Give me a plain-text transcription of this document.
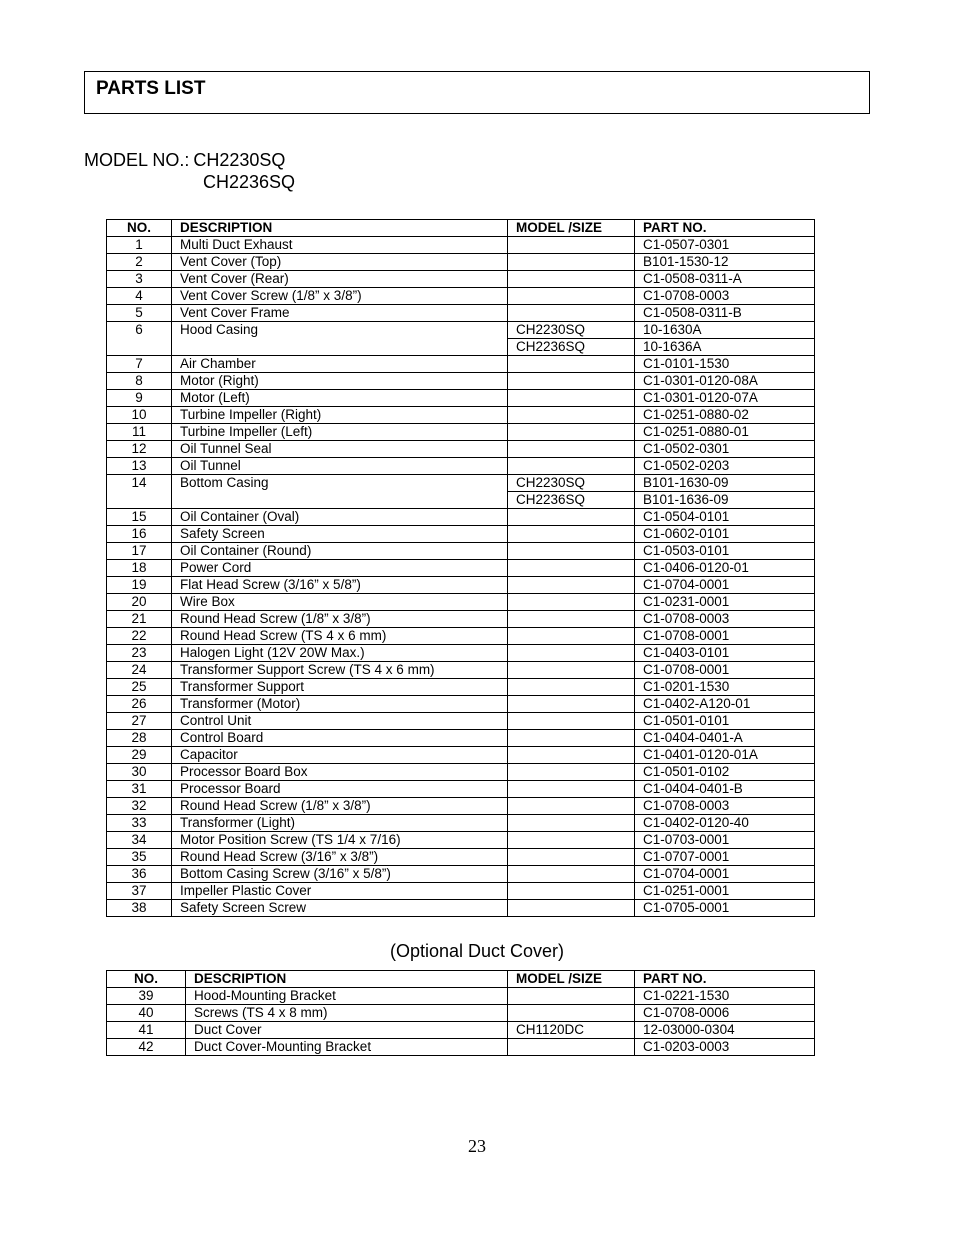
PARTS LIST
MODEL NO.: CH2230SQ
CH2236SQ
NO.	DESCRIPTION	MODEL /SIZE	PART NO.
1	Multi Duct Exhaust		C1-0507-0301
2	Vent Cover (Top)		B101-1530-12
3	Vent Cover (Rear)		C1-0508-0311-A
4	Vent Cover Screw (1/8” x 3/8”)		C1-0708-0003
5	Vent Cover Frame		C1-0508-0311-B
6	Hood Casing	CH2230SQ	10-1630A
		CH2236SQ	10-1636A
7	Air Chamber		C1-0101-1530
8	Motor (Right)		C1-0301-0120-08A
9	Motor (Left)		C1-0301-0120-07A
10	Turbine Impeller (Right)		C1-0251-0880-02
11	Turbine Impeller (Left)		C1-0251-0880-01
12	Oil Tunnel Seal		C1-0502-0301
13	Oil Tunnel		C1-0502-0203
14	Bottom Casing	CH2230SQ	B101-1630-09
		CH2236SQ	B101-1636-09
15	Oil Container (Oval)		C1-0504-0101
16	Safety Screen		C1-0602-0101
17	Oil Container (Round)		C1-0503-0101
18	Power Cord		C1-0406-0120-01
19	Flat Head Screw (3/16” x 5/8”)		C1-0704-0001
20	Wire Box		C1-0231-0001
21	Round Head Screw (1/8” x 3/8”)		C1-0708-0003
22	Round Head Screw (TS 4 x 6 mm)		C1-0708-0001
23	Halogen Light (12V 20W Max.)		C1-0403-0101
24	Transformer Support Screw (TS 4 x 6 mm)		C1-0708-0001
25	Transformer Support		C1-0201-1530
26	Transformer (Motor)		C1-0402-A120-01
27	Control Unit		C1-0501-0101
28	Control Board		C1-0404-0401-A
29	Capacitor		C1-0401-0120-01A
30	Processor Board Box		C1-0501-0102
31	Processor Board		C1-0404-0401-B
32	Round Head Screw (1/8” x 3/8”)		C1-0708-0003
33	Transformer (Light)		C1-0402-0120-40
34	Motor Position Screw (TS 1/4 x 7/16)		C1-0703-0001
35	Round Head Screw (3/16” x 3/8”)		C1-0707-0001
36	Bottom Casing Screw (3/16” x 5/8”)		C1-0704-0001
37	Impeller Plastic Cover		C1-0251-0001
38	Safety Screen Screw		C1-0705-0001
(Optional Duct Cover)
NO.	DESCRIPTION	MODEL /SIZE	PART NO.
39	Hood-Mounting Bracket		C1-0221-1530
40	Screws (TS 4 x 8 mm)		C1-0708-0006
41	Duct Cover	CH1120DC	12-03000-0304
42	Duct Cover-Mounting Bracket		C1-0203-0003
23
